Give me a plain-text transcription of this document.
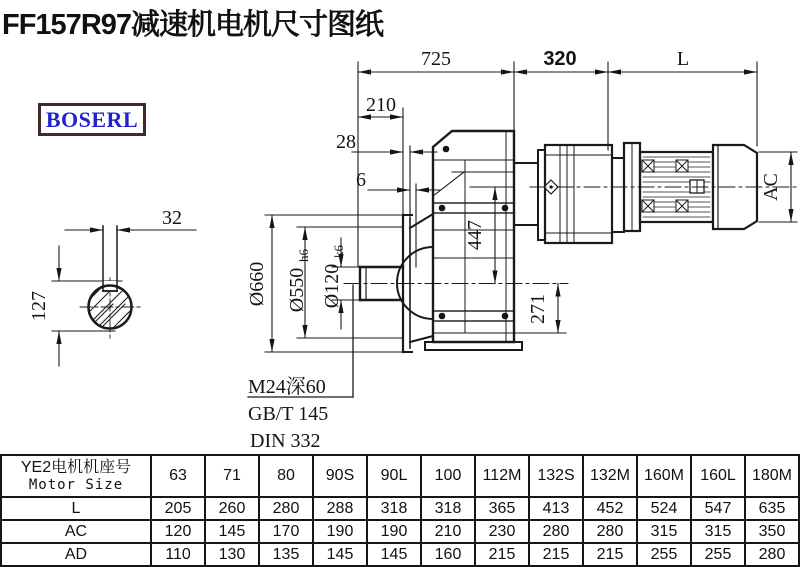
FF157R97减速机电机尺寸图纸
BOSERL
725	320	L
210
28
6
32
127	Ø660 Ø550
h6
Ø120
k6
447
271
AC
M24深60
GB/T 145
DIN 332
YE2电机机座号
Motor Size	63	71	80	90S	90L	100	112M	132S	132M	160M	160L	180M
L	205	260	280	288	318	318	365	413	452	524	547	635
AC	120	145	170	190	190	210	230	280	280	315	315	350
AD	110	130	135	145	145	160	215	215	215	255	255	280
